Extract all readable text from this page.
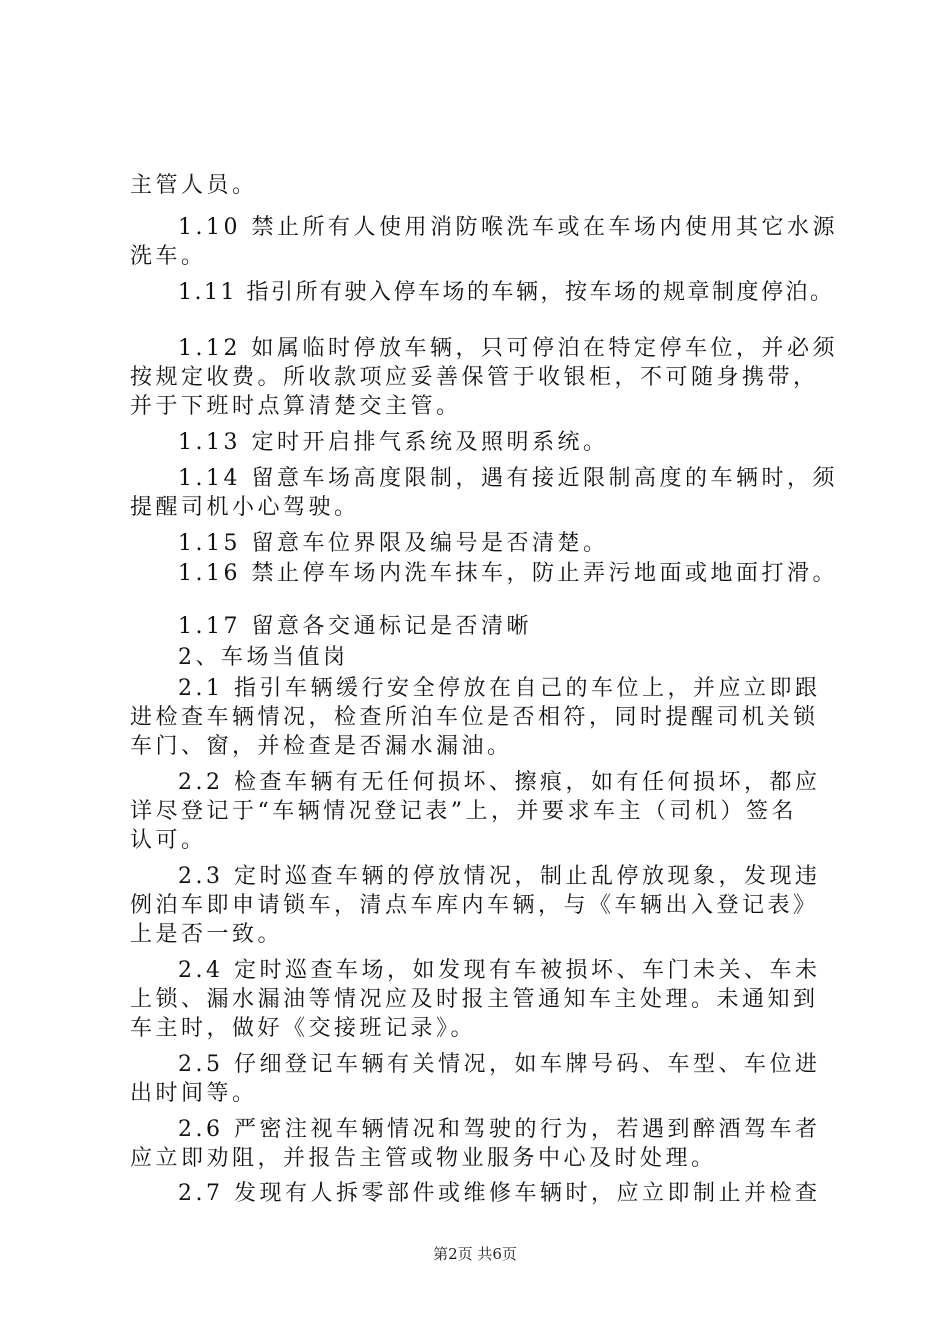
主管人员。

1.10 禁止所有人使用消防喉洗车或在车场内使用其它水源

洗车。

1.11 指引所有驶入停车场的车辆，按车场的规章制度停泊。

1.12 如属临时停放车辆，只可停泊在特定停车位，并必须

按规定收费。所收款项应妥善保管于收银柜，不可随身携带，

并于下班时点算清楚交主管。

1.13 定时开启排气系统及照明系统。

1.14 留意车场高度限制，遇有接近限制高度的车辆时，须

提醒司机小心驾驶。

1.15 留意车位界限及编号是否清楚。

1.16 禁止停车场内洗车抹车，防止弄污地面或地面打滑。

1.17 留意各交通标记是否清晰

2、车场当值岗

2.1 指引车辆缓行安全停放在自己的车位上，并应立即跟

进检查车辆情况，检查所泊车位是否相符，同时提醒司机关锁

车门、窗，并检查是否漏水漏油。

2.2 检查车辆有无任何损坏、擦痕，如有任何损坏，都应

详尽登记于“车辆情况登记表”上，并要求车主（司机）签名

认可。

2.3 定时巡查车辆的停放情况，制止乱停放现象，发现违

例泊车即申请锁车，清点车库内车辆，与《车辆出入登记表》

上是否一致。

2.4 定时巡查车场，如发现有车被损坏、车门未关、车未

上锁、漏水漏油等情况应及时报主管通知车主处理。未通知到

车主时，做好《交接班记录》。

2.5 仔细登记车辆有关情况，如车牌号码、车型、车位进

出时间等。

2.6 严密注视车辆情况和驾驶的行为，若遇到醉酒驾车者

应立即劝阻，并报告主管或物业服务中心及时处理。

2.7 发现有人拆零部件或维修车辆时，应立即制止并检查

第2页 共6页
